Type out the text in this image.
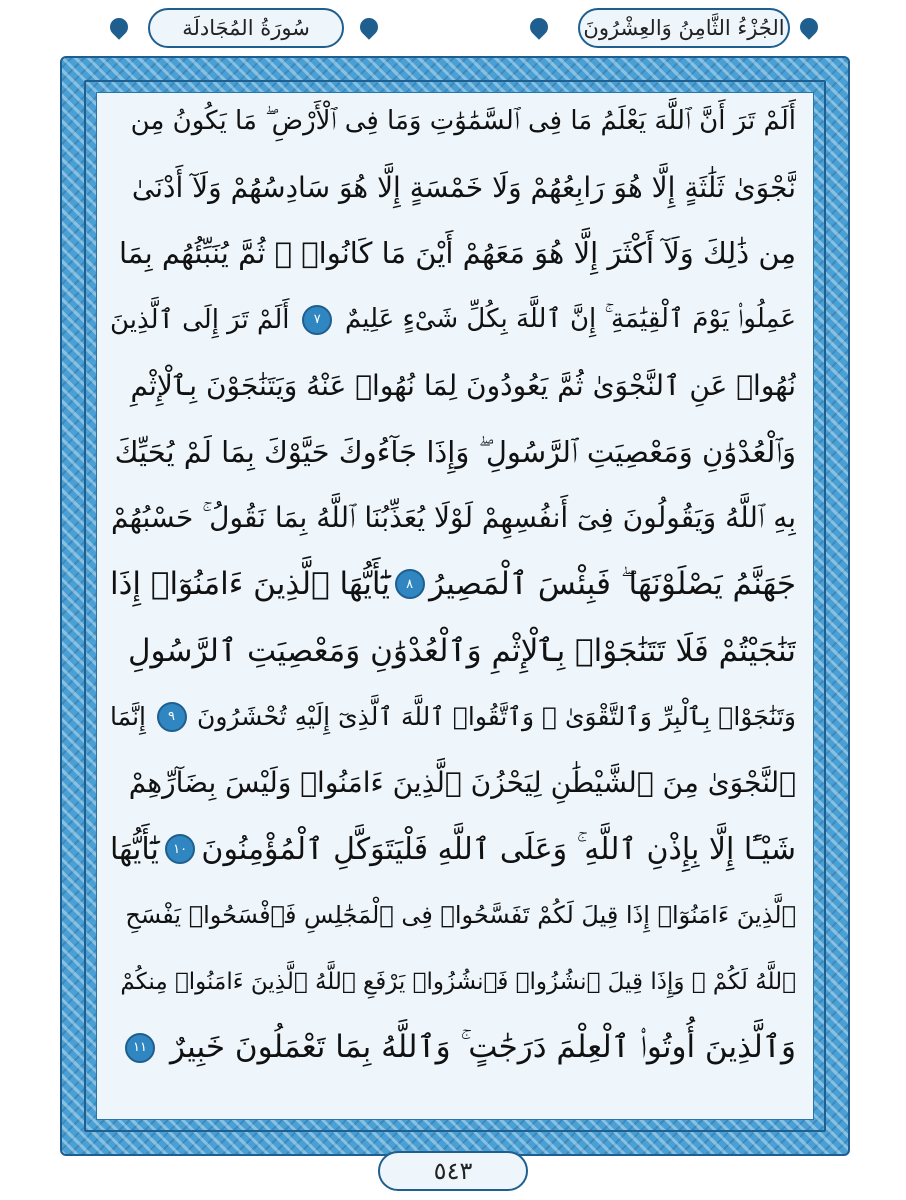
سُورَةُ المُجَادلَة	الجُزْءُ الثَّامِنُ وَالعِشْرُونَ
أَلَمْ تَرَ أَنَّ ٱللَّهَ يَعْلَمُ مَا فِى ٱلسَّمَٰوَٰتِ وَمَا فِى ٱلْأَرْضِ ۖ مَا يَكُونُ مِن
نَّجْوَىٰ ثَلَٰثَةٍ إِلَّا هُوَ رَابِعُهُمْ وَلَا خَمْسَةٍ إِلَّا هُوَ سَادِسُهُمْ وَلَآ أَدْنَىٰ
مِن ذَٰلِكَ وَلَآ أَكْثَرَ إِلَّا هُوَ مَعَهُمْ أَيْنَ مَا كَانُوا۟ ۖ ثُمَّ يُنَبِّئُهُم بِمَا
عَمِلُوا۟ يَوْمَ ٱلْقِيَٰمَةِ ۚ إِنَّ ٱللَّهَ بِكُلِّ شَىْءٍ عَلِيمٌ
٧
أَلَمْ تَرَ إِلَى ٱلَّذِينَ
نُهُوا۟ عَنِ ٱلنَّجْوَىٰ ثُمَّ يَعُودُونَ لِمَا نُهُوا۟ عَنْهُ وَيَتَنَٰجَوْنَ بِٱلْإِثْمِ
وَٱلْعُدْوَٰنِ وَمَعْصِيَتِ ٱلرَّسُولِ ۖ وَإِذَا جَآءُوكَ حَيَّوْكَ بِمَا لَمْ يُحَيِّكَ
بِهِ ٱللَّهُ وَيَقُولُونَ فِىٓ أَنفُسِهِمْ لَوْلَا يُعَذِّبُنَا ٱللَّهُ بِمَا نَقُولُ ۚ حَسْبُهُمْ
جَهَنَّمُ يَصْلَوْنَهَا ۖ فَبِئْسَ ٱلْمَصِيرُ
٨
يَٰٓأَيُّهَا ٱلَّذِينَ ءَامَنُوٓا۟ إِذَا
تَنَٰجَيْتُمْ فَلَا تَتَنَٰجَوْا۟ بِٱلْإِثْمِ وَٱلْعُدْوَٰنِ وَمَعْصِيَتِ ٱلرَّسُولِ
وَتَنَٰجَوْا۟ بِٱلْبِرِّ وَٱلتَّقْوَىٰ ۖ وَٱتَّقُوا۟ ٱللَّهَ ٱلَّذِىٓ إِلَيْهِ تُحْشَرُونَ
٩
إِنَّمَا
ٱلنَّجْوَىٰ مِنَ ٱلشَّيْطَٰنِ لِيَحْزُنَ ٱلَّذِينَ ءَامَنُوا۟ وَلَيْسَ بِضَآرِّهِمْ
شَيْـًٔا إِلَّا بِإِذْنِ ٱللَّهِ ۚ وَعَلَى ٱللَّهِ فَلْيَتَوَكَّلِ ٱلْمُؤْمِنُونَ
١٠
يَٰٓأَيُّهَا
ٱلَّذِينَ ءَامَنُوٓا۟ إِذَا قِيلَ لَكُمْ تَفَسَّحُوا۟ فِى ٱلْمَجَٰلِسِ فَٱفْسَحُوا۟ يَفْسَحِ
ٱللَّهُ لَكُمْ ۖ وَإِذَا قِيلَ ٱنشُزُوا۟ فَٱنشُزُوا۟ يَرْفَعِ ٱللَّهُ ٱلَّذِينَ ءَامَنُوا۟ مِنكُمْ
وَٱلَّذِينَ أُوتُوا۟ ٱلْعِلْمَ دَرَجَٰتٍ ۚ وَٱللَّهُ بِمَا تَعْمَلُونَ خَبِيرٌ
١١
٥٤٣
